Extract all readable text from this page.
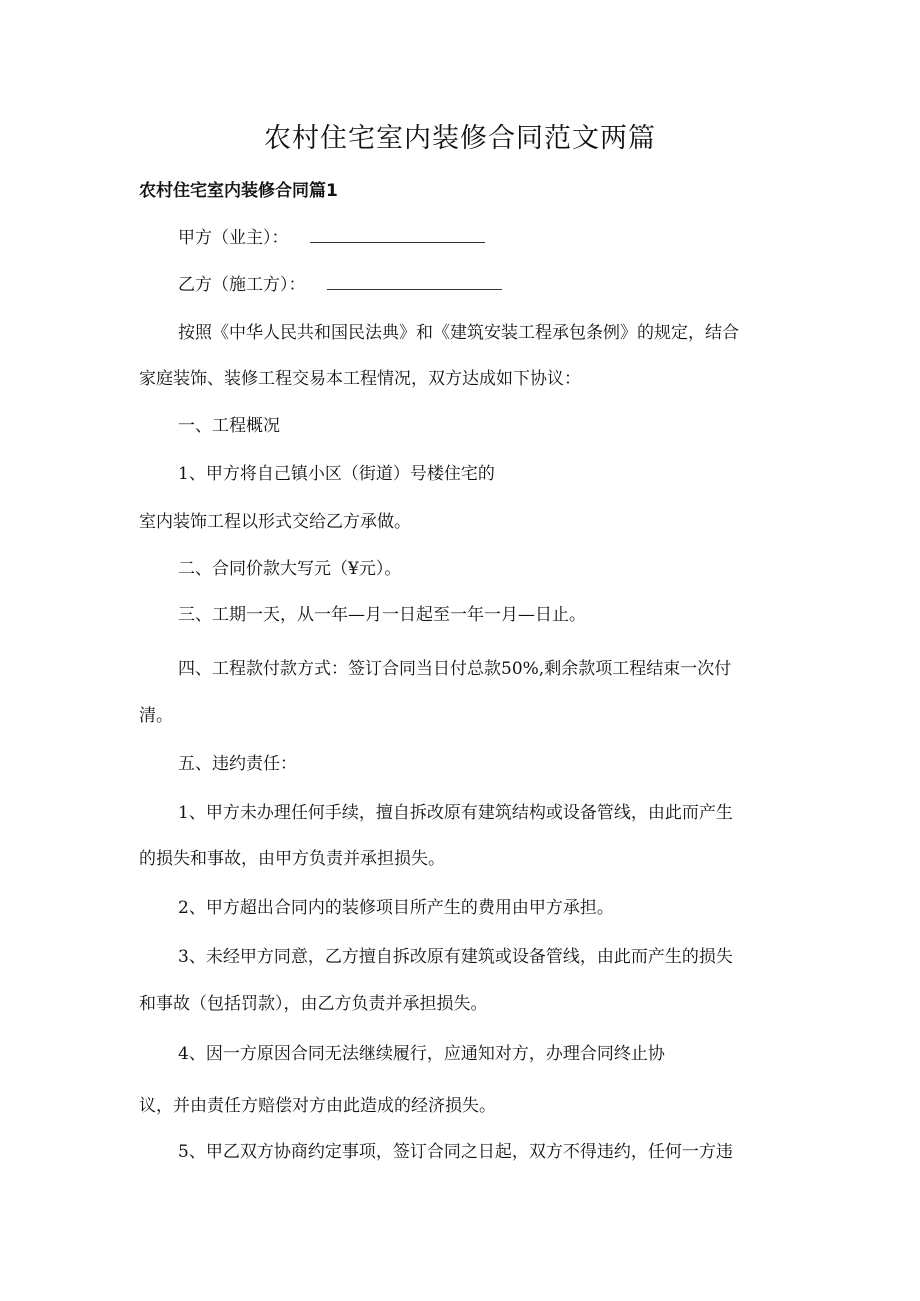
农村住宅室内装修合同范文两篇
农村住宅室内装修合同篇1
甲方（业主）：
乙方（施工方）：
按照《中华人民共和国民法典》和《建筑安装工程承包条例》的规定，结合
家庭装饰、装修工程交易本工程情况，双方达成如下协议：
一、工程概况
1、甲方将自己镇小区（街道）号楼住宅的
室内装饰工程以形式交给乙方承做。
二、合同价款大写元（¥元）。
三、工期一天，从一年—月一日起至一年一月—日止。
四、工程款付款方式：签订合同当日付总款50%,剩余款项工程结束一次付
清。
五、违约责任：
1、甲方未办理任何手续，擅自拆改原有建筑结构或设备管线，由此而产生
的损失和事故，由甲方负责并承担损失。
2、甲方超出合同内的装修项目所产生的费用由甲方承担。
3、未经甲方同意，乙方擅自拆改原有建筑或设备管线，由此而产生的损失
和事故（包括罚款），由乙方负责并承担损失。
4、因一方原因合同无法继续履行，应通知对方，办理合同终止协
议，并由责任方赔偿对方由此造成的经济损失。
5、甲乙双方协商约定事项，签订合同之日起，双方不得违约，任何一方违
